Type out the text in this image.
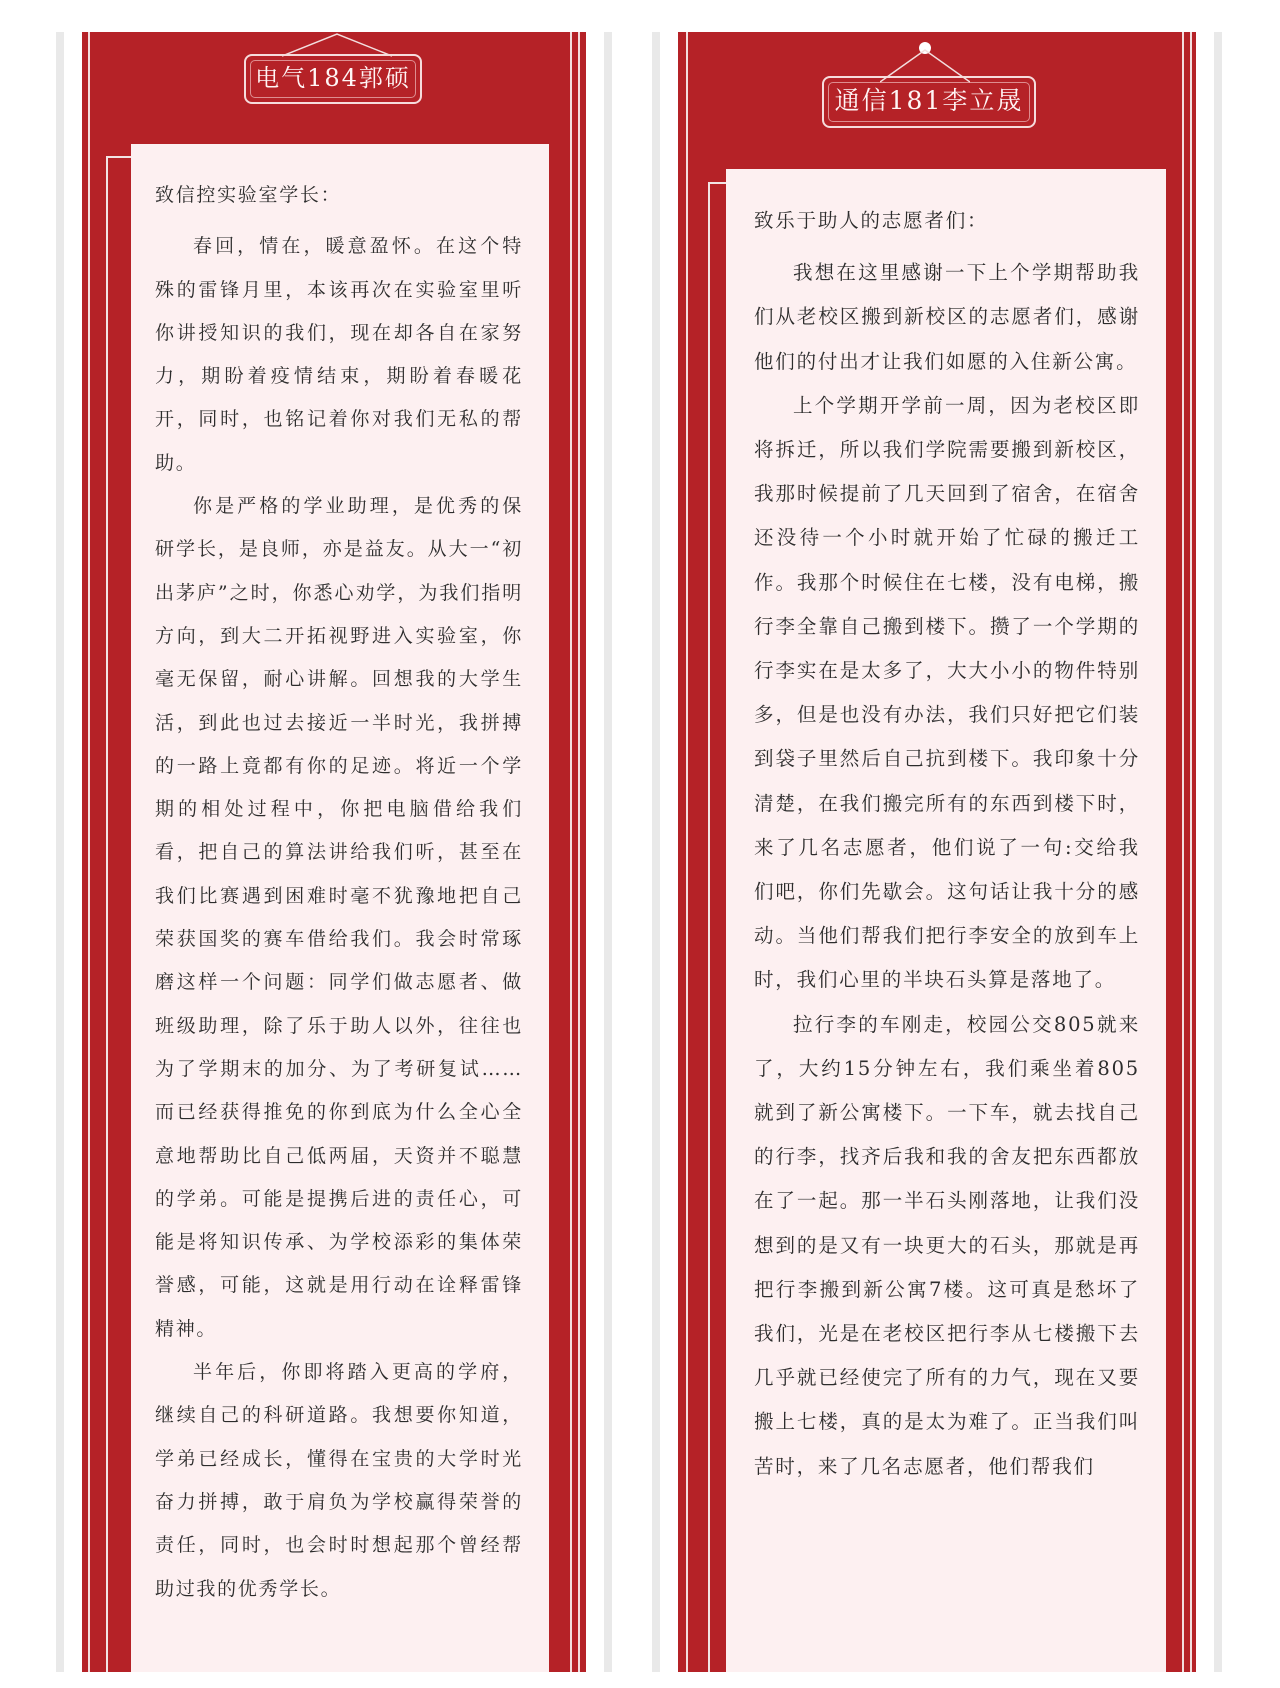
电气184郭硕

致信控实验室学长：

春回，情在，暖意盈怀。在这个特殊的雷锋月里，本该再次在实验室里听你讲授知识的我们，现在却各自在家努力，期盼着疫情结束，期盼着春暖花开，同时，也铭记着你对我们无私的帮助。

你是严格的学业助理，是优秀的保研学长，是良师，亦是益友。从大一“初出茅庐”之时，你悉心劝学，为我们指明方向，到大二开拓视野进入实验室，你毫无保留，耐心讲解。回想我的大学生活，到此也过去接近一半时光，我拼搏的一路上竟都有你的足迹。将近一个学期的相处过程中，你把电脑借给我们看，把自己的算法讲给我们听，甚至在我们比赛遇到困难时毫不犹豫地把自己荣获国奖的赛车借给我们。我会时常琢磨这样一个问题：同学们做志愿者、做班级助理，除了乐于助人以外，往往也为了学期末的加分、为了考研复试……而已经获得推免的你到底为什么全心全意地帮助比自己低两届，天资并不聪慧的学弟。可能是提携后进的责任心，可能是将知识传承、为学校添彩的集体荣誉感，可能，这就是用行动在诠释雷锋精神。

半年后，你即将踏入更高的学府，继续自己的科研道路。我想要你知道，学弟已经成长，懂得在宝贵的大学时光奋力拼搏，敢于肩负为学校赢得荣誉的责任，同时，也会时时想起那个曾经帮助过我的优秀学长。

通信181李立晟

致乐于助人的志愿者们：

我想在这里感谢一下上个学期帮助我们从老校区搬到新校区的志愿者们，感谢他们的付出才让我们如愿的入住新公寓。

上个学期开学前一周，因为老校区即将拆迁，所以我们学院需要搬到新校区，我那时候提前了几天回到了宿舍，在宿舍还没待一个小时就开始了忙碌的搬迁工作。我那个时候住在七楼，没有电梯，搬行李全靠自己搬到楼下。攒了一个学期的行李实在是太多了，大大小小的物件特别多，但是也没有办法，我们只好把它们装到袋子里然后自己抗到楼下。我印象十分清楚，在我们搬完所有的东西到楼下时，来了几名志愿者，他们说了一句:交给我们吧，你们先歇会。这句话让我十分的感动。当他们帮我们把行李安全的放到车上时，我们心里的半块石头算是落地了。

拉行李的车刚走，校园公交805就来了，大约15分钟左右，我们乘坐着805就到了新公寓楼下。一下车，就去找自己的行李，找齐后我和我的舍友把东西都放在了一起。那一半石头刚落地，让我们没想到的是又有一块更大的石头，那就是再把行李搬到新公寓7楼。这可真是愁坏了我们，光是在老校区把行李从七楼搬下去几乎就已经使完了所有的力气，现在又要搬上七楼，真的是太为难了。正当我们叫苦时，来了几名志愿者，他们帮我们
